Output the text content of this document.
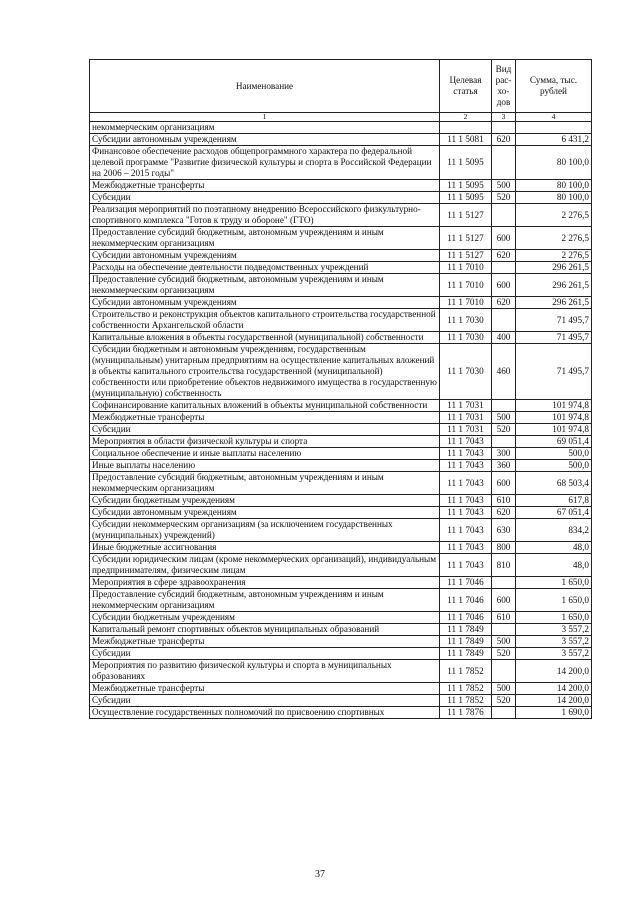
Наименование	Целевая статья	Вид рас- хо- дов	Сумма, тыс. рублей
1	2	3	4
некоммерческим организациям			
Субсидии автономным учреждениям	11 1 5081	620	6 431,2
Финансовое обеспечение расходов общепрограммного характера по федеральной целевой программе "Развитие физической культуры и спорта в Российской Федерации на 2006 – 2015 годы"	11 1 5095		80 100,0
Межбюджетные трансферты	11 1 5095	500	80 100,0
Субсидии	11 1 5095	520	80 100,0
Реализация мероприятий по поэтапному внедрению Всероссийского физкультурно-спортивного комплекса "Готов к труду и обороне" (ГТО)	11 1 5127		2 276,5
Предоставление субсидий бюджетным, автономным учреждениям и иным некоммерческим организациям	11 1 5127	600	2 276,5
Субсидии автономным учреждениям	11 1 5127	620	2 276,5
Расходы на обеспечение деятельности подведомственных учреждений	11 1 7010		296 261,5
Предоставление субсидий бюджетным, автономным учреждениям и иным некоммерческим организациям	11 1 7010	600	296 261,5
Субсидии автономным учреждениям	11 1 7010	620	296 261,5
Строительство и реконструкция объектов капитального строительства государственной собственности Архангельской области	11 1 7030		71 495,7
Капитальные вложения в объекты государственной (муниципальной) собственности	11 1 7030	400	71 495,7
Субсидии бюджетным и автономным учреждениям, государственным (муниципальным) унитарным предприятиям на осуществление капитальных вложений в объекты капитального строительства государственной (муниципальной) собственности или приобретение объектов недвижимого имущества в государственную (муниципальную) собственность	11 1 7030	460	71 495,7
Софинансирование капитальных вложений в объекты муниципальной собственности	11 1 7031		101 974,8
Межбюджетные трансферты	11 1 7031	500	101 974,8
Субсидии	11 1 7031	520	101 974,8
Мероприятия в области физической культуры и спорта	11 1 7043		69 051,4
Социальное обеспечение и иные выплаты населению	11 1 7043	300	500,0
Иные выплаты населению	11 1 7043	360	500,0
Предоставление субсидий бюджетным, автономным учреждениям и иным некоммерческим организациям	11 1 7043	600	68 503,4
Субсидии бюджетным учреждениям	11 1 7043	610	617,8
Субсидии автономным учреждениям	11 1 7043	620	67 051,4
Субсидии некоммерческим организациям (за исключением государственных (муниципальных) учреждений)	11 1 7043	630	834,2
Иные бюджетные ассигнования	11 1 7043	800	48,0
Субсидии юридическим лицам (кроме некоммерческих организаций), индивидуальным предпринимателям, физическим лицам	11 1 7043	810	48,0
Мероприятия в сфере здравоохранения	11 1 7046		1 650,0
Предоставление субсидий бюджетным, автономным учреждениям и иным некоммерческим организациям	11 1 7046	600	1 650,0
Субсидии бюджетным учреждениям	11 1 7046	610	1 650,0
Капитальный ремонт спортивных объектов муниципальных образований	11 1 7849		3 557,2
Межбюджетные трансферты	11 1 7849	500	3 557,2
Субсидии	11 1 7849	520	3 557,2
Мероприятия по развитию физической культуры и спорта в муниципальных образованиях	11 1 7852		14 200,0
Межбюджетные трансферты	11 1 7852	500	14 200,0
Субсидии	11 1 7852	520	14 200,0
Осуществление государственных полномочий по присвоению спортивных	11 1 7876		1 690,0
37
